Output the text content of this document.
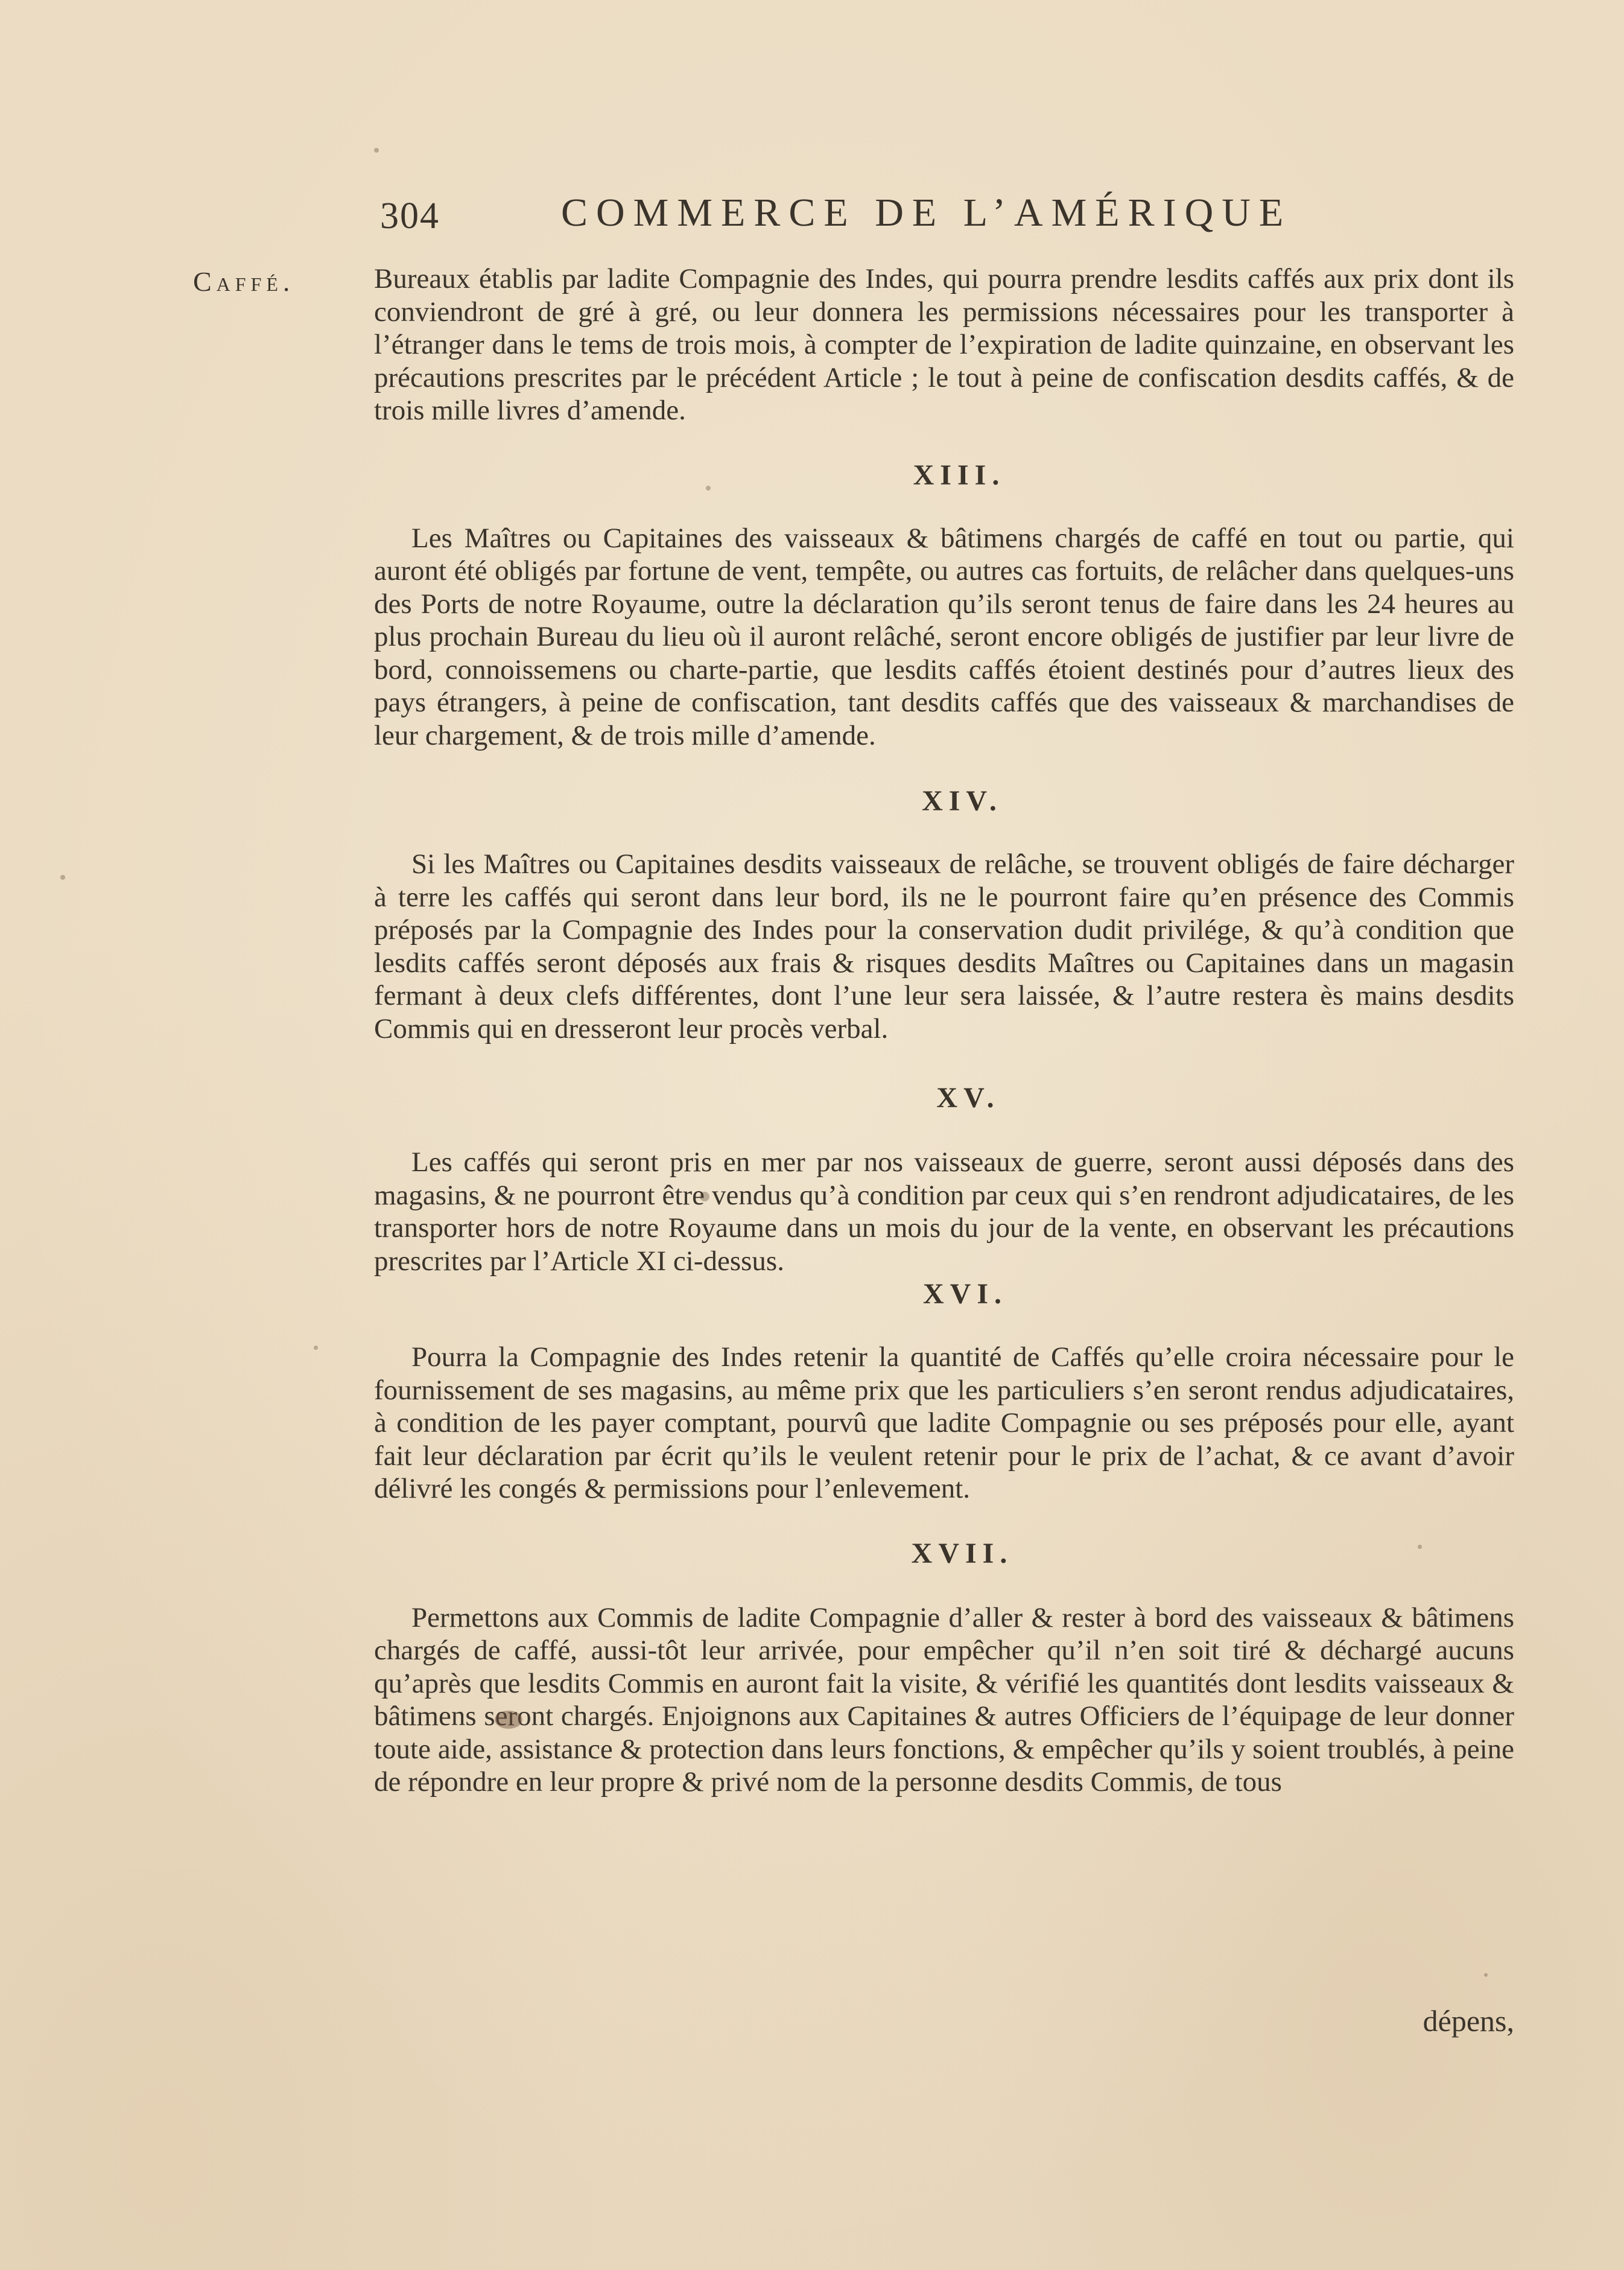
304	COMMERCE DE L’AMÉRIQUE
Caffé.	Bureaux établis par ladite Compagnie des Indes, qui pourra prendre lesdits caffés aux prix dont ils conviendront de gré à gré, ou leur donnera les permissions nécessaires pour les transporter à l’étranger dans le tems de trois mois, à compter de l’expiration de ladite quinzaine, en observant les précautions prescrites par le précédent Article ; le tout à peine de confiscation desdits caffés, & de trois mille livres d’amende.

XIII.

Les Maîtres ou Capitaines des vaisseaux & bâtimens chargés de caffé en tout ou partie, qui auront été obligés par fortune de vent, tempête, ou autres cas fortuits, de relâcher dans quelques-uns des Ports de notre Royaume, outre la déclaration qu’ils seront tenus de faire dans les 24 heures au plus prochain Bureau du lieu où il auront relâché, seront encore obligés de justifier par leur livre de bord, connoissemens ou charte-partie, que lesdits caffés étoient destinés pour d’autres lieux des pays étrangers, à peine de confiscation, tant desdits caffés que des vaisseaux & marchandises de leur chargement, & de trois mille d’amende.

XIV.

Si les Maîtres ou Capitaines desdits vaisseaux de relâche, se trouvent obligés de faire décharger à terre les caffés qui seront dans leur bord, ils ne le pourront faire qu’en présence des Commis préposés par la Compagnie des Indes pour la conservation dudit privilége, & qu’à condition que lesdits caffés seront déposés aux frais & risques desdits Maîtres ou Capitaines dans un magasin fermant à deux clefs différentes, dont l’une leur sera laissée, & l’autre restera ès mains desdits Commis qui en dresseront leur procès verbal.

XV.

Les caffés qui seront pris en mer par nos vaisseaux de guerre, seront aussi déposés dans des magasins, & ne pourront être vendus qu’à condition par ceux qui s’en rendront adjudicataires, de les transporter hors de notre Royaume dans un mois du jour de la vente, en observant les précautions prescrites par l’Article XI ci-dessus.

XVI.

Pourra la Compagnie des Indes retenir la quantité de Caffés qu’elle croira nécessaire pour le fournissement de ses magasins, au même prix que les particuliers s’en seront rendus adjudicataires, à condition de les payer comptant, pourvû que ladite Compagnie ou ses préposés pour elle, ayant fait leur déclaration par écrit qu’ils le veulent retenir pour le prix de l’achat, & ce avant d’avoir délivré les congés & permissions pour l’enlevement.

XVII.

Permettons aux Commis de ladite Compagnie d’aller & rester à bord des vaisseaux & bâtimens chargés de caffé, aussi-tôt leur arrivée, pour empêcher qu’il n’en soit tiré & déchargé aucuns qu’après que lesdits Commis en auront fait la visite, & vérifié les quantités dont lesdits vaisseaux & bâtimens seront chargés. Enjoignons aux Capitaines & autres Officiers de l’équipage de leur donner toute aide, assistance & protection dans leurs fonctions, & empêcher qu’ils y soient troublés, à peine de répondre en leur propre & privé nom de la personne desdits Commis, de tous

dépens,
